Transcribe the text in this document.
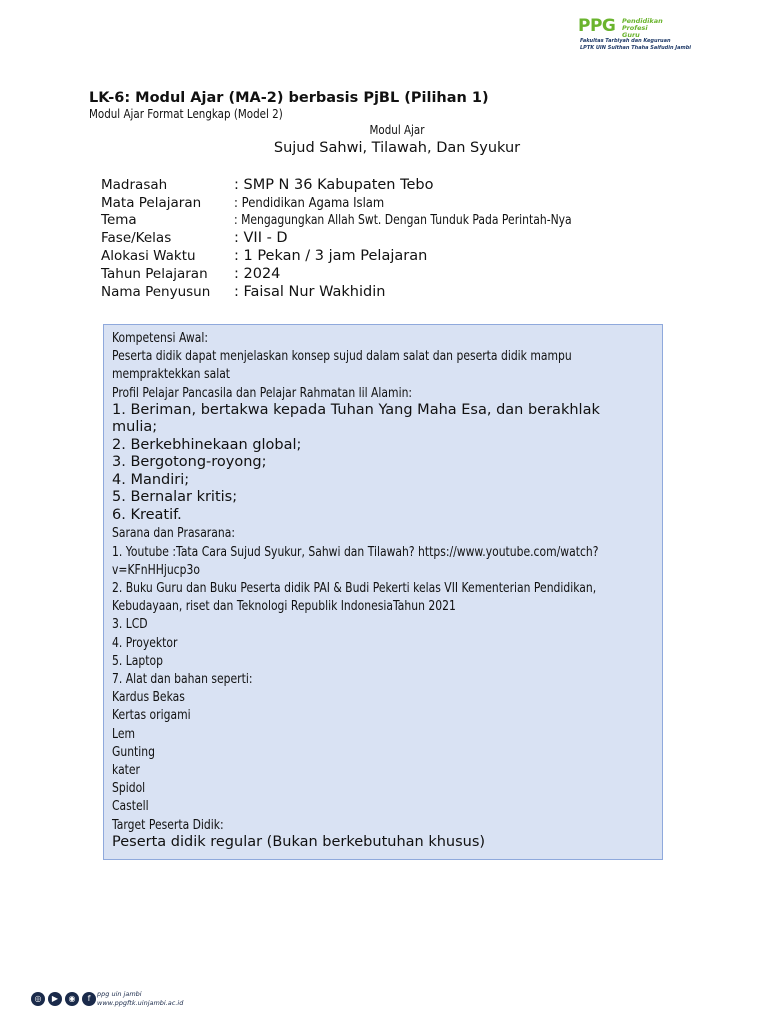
PPG Pendidikan
Profesi
Guru
Fakultas Tarbiyah dan Keguruan
LPTK UIN Sulthan Thaha Saifudin Jambi
LK-6: Modul Ajar (MA-2) berbasis PjBL (Pilihan 1)
Modul Ajar Format Lengkap (Model 2)
Modul Ajar
Sujud Sahwi, Tilawah, Dan Syukur
Madrasah	: SMP N 36 Kabupaten Tebo
Mata Pelajaran	: Pendidikan Agama Islam
Tema	: Mengagungkan Allah Swt. Dengan Tunduk Pada Perintah-Nya
Fase/Kelas	: VII - D
Alokasi Waktu	: 1 Pekan / 3 jam Pelajaran
Tahun Pelajaran	: 2024
Nama Penyusun	: Faisal Nur Wakhidin
Kompetensi Awal:
Peserta didik dapat menjelaskan konsep sujud dalam salat dan peserta didik mampu
mempraktekkan salat
Profil Pelajar Pancasila dan Pelajar Rahmatan lil Alamin:
1. Beriman, bertakwa kepada Tuhan Yang Maha Esa, dan berakhlak
mulia;
2. Berkebhinekaan global;
3. Bergotong-royong;
4. Mandiri;
5. Bernalar kritis;
6. Kreatif.
Sarana dan Prasarana:
1. Youtube :Tata Cara Sujud Syukur, Sahwi dan Tilawah? https://www.youtube.com/watch?
v=KFnHHjucp3o
2. Buku Guru dan Buku Peserta didik PAI & Budi Pekerti kelas VII Kementerian Pendidikan,
Kebudayaan, riset dan Teknologi Republik IndonesiaTahun 2021
3. LCD
4. Proyektor
5. Laptop
7. Alat dan bahan seperti:
Kardus Bekas
Kertas origami
Lem
Gunting
kater
Spidol
Castell
Target Peserta Didik:
Peserta didik regular (Bukan berkebutuhan khusus)
◎	▶	◉	f	ppg uin jambi
www.ppgftk.uinjambi.ac.id
